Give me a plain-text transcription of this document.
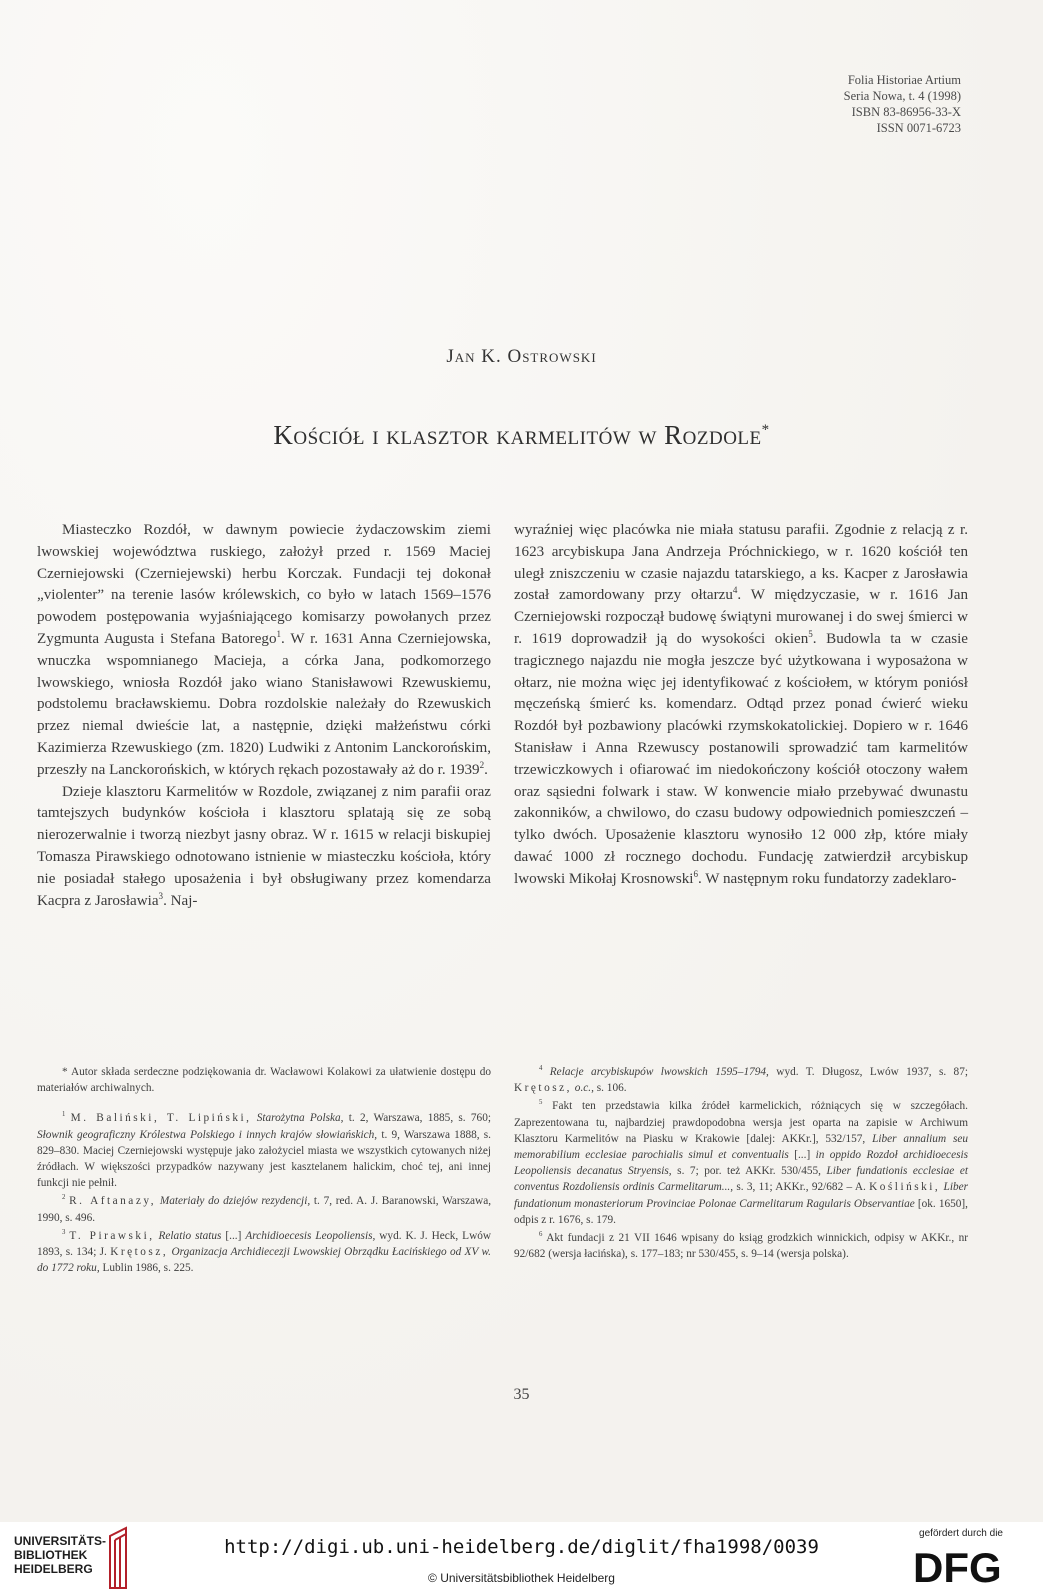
Folia Historiae Artium
Seria Nowa, t. 4 (1998)
ISBN 83-86956-33-X
ISSN 0071-6723
Jan K. Ostrowski
Kościół i klasztor karmelitów w Rozdole*

Miasteczko Rozdół, w dawnym powiecie żydaczowskim ziemi lwowskiej województwa ruskiego, założył przed r. 1569 Maciej Czerniejowski (Czerniejewski) herbu Korczak. Fundacji tej dokonał „violenter” na terenie lasów królewskich, co było w latach 1569–1576 powodem postępowania wyjaśniającego komisarzy powołanych przez Zygmunta Augusta i Stefana Batorego$^1$. W r. 1631 Anna Czerniejowska, wnuczka wspomnianego Macieja, a córka Jana, podkomorzego lwowskiego, wniosła Rozdół jako wiano Stanisławowi Rzewuskiemu, podstolemu bracławskiemu. Dobra rozdolskie należały do Rzewuskich przez niemal dwieście lat, a następnie, dzięki małżeństwu córki Kazimierza Rzewuskiego (zm. 1820) Ludwiki z Antonim Lanckorońskim, przeszły na Lanckorońskich, w których rękach pozostawały aż do r. 1939$^2$.

Dzieje klasztoru Karmelitów w Rozdole, związanej z nim parafii oraz tamtejszych budynków kościoła i klasztoru splatają się ze sobą nierozerwalnie i tworzą niezbyt jasny obraz. W r. 1615 w relacji biskupiej Tomasza Pirawskiego odnotowano istnienie w miasteczku kościoła, który nie posiadał stałego uposażenia i był obsługiwany przez komendarza Kacpra z Jarosławia$^3$. Naj-

wyraźniej więc placówka nie miała statusu parafii. Zgodnie z relacją z r. 1623 arcybiskupa Jana Andrzeja Próchnickiego, w r. 1620 kościół ten uległ zniszczeniu w czasie najazdu tatarskiego, a ks. Kacper z Jarosławia został zamordowany przy ołtarzu$^4$. W międzyczasie, w r. 1616 Jan Czerniejowski rozpoczął budowę świątyni murowanej i do swej śmierci w r. 1619 doprowadził ją do wysokości okien$^5$. Budowla ta w czasie tragicznego najazdu nie mogła jeszcze być użytkowana i wyposażona w ołtarz, nie można więc jej identyfikować z kościołem, w którym poniósł męczeńską śmierć ks. komendarz. Odtąd przez ponad ćwierć wieku Rozdół był pozbawiony placówki rzymskokatolickiej. Dopiero w r. 1646 Stanisław i Anna Rzewuscy postanowili sprowadzić tam karmelitów trzewiczkowych i ofiarować im niedokończony kościół otoczony wałem oraz sąsiedni folwark i staw. W konwencie miało przebywać dwunastu zakonników, a chwilowo, do czasu budowy odpowiednich pomieszczeń – tylko dwóch. Uposażenie klasztoru wynosiło 12 000 złp, które miały dawać 1000 zł rocznego dochodu. Fundację zatwierdził arcybiskup lwowski Mikołaj Krosnowski$^6$. W następnym roku fundatorzy zadeklaro-

* Autor składa serdeczne podziękowania dr. Wacławowi Kolakowi za ułatwienie dostępu do materiałów archiwalnych.

$^1$ M. Baliński, T. Lipiński, Starożytna Polska, t. 2, Warszawa, 1885, s. 760; Słownik geograficzny Królestwa Polskiego i innych krajów słowiańskich, t. 9, Warszawa 1888, s. 829–830. Maciej Czerniejowski występuje jako założyciel miasta we wszystkich cytowanych niżej źródłach. W większości przypadków nazywany jest kasztelanem halickim, choć tej, ani innej funkcji nie pełnił.

$^2$ R. Aftanazy, Materiały do dziejów rezydencji, t. 7, red. A. J. Baranowski, Warszawa, 1990, s. 496.

$^3$ T. Pirawski, Relatio status [...] Archidioecesis Leopoliensis, wyd. K. J. Heck, Lwów 1893, s. 134; J. Krętosz, Organizacja Archidiecezji Lwowskiej Obrządku Łacińskiego od XV w. do 1772 roku, Lublin 1986, s. 225.

$^4$ Relacje arcybiskupów lwowskich 1595–1794, wyd. T. Długosz, Lwów 1937, s. 87; Krętosz, o.c., s. 106.

$^5$ Fakt ten przedstawia kilka źródeł karmelickich, różniących się w szczegółach. Zaprezentowana tu, najbardziej prawdopodobna wersja jest oparta na zapisie w Archiwum Klasztoru Karmelitów na Piasku w Krakowie [dalej: AKKr.], 532/157, Liber annalium seu memorabilium ecclesiae parochialis simul et conventualis [...] in oppido Rozdoł archidioecesis Leopoliensis decanatus Stryensis, s. 7; por. też AKKr. 530/455, Liber fundationis ecclesiae et conventus Rozdoliensis ordinis Carmelitarum..., s. 3, 11; AKKr., 92/682 – A. Kośliński, Liber fundationum monasteriorum Provinciae Polonae Carmelitarum Ragularis Observantiae [ok. 1650], odpis z r. 1676, s. 179.

$^6$ Akt fundacji z 21 VII 1646 wpisany do ksiąg grodzkich winnickich, odpisy w AKKr., nr 92/682 (wersja łacińska), s. 177–183; nr 530/455, s. 9–14 (wersja polska).

35
UNIVERSITÄTS-
BIBLIOTHEK
HEIDELBERG
http://digi.ub.uni-heidelberg.de/diglit/fha1998/0039
© Universitätsbibliothek Heidelberg
gefördert durch die
DFG
